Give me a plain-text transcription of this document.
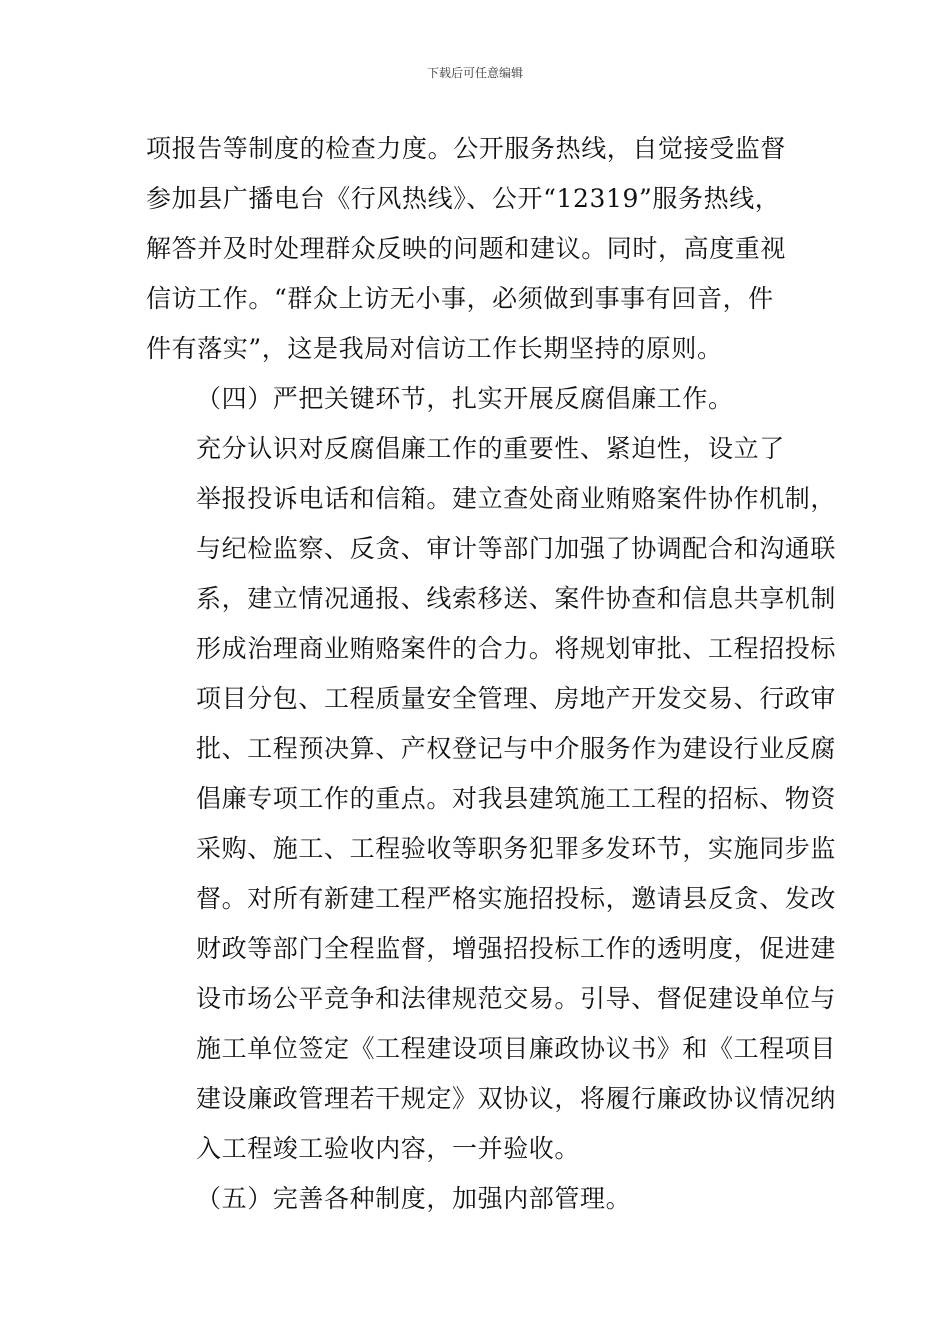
下载后可任意编辑

项报告等制度的检查力度。公开服务热线，自觉接受监督
参加县广播电台《行风热线》、公开“12319”服务热线，
解答并及时处理群众反映的问题和建议。同时，高度重视
信访工作。“群众上访无小事，必须做到事事有回音，件
件有落实”，这是我局对信访工作长期坚持的原则。

（四）严把关键环节，扎实开展反腐倡廉工作。

充分认识对反腐倡廉工作的重要性、紧迫性，设立了
举报投诉电话和信箱。建立查处商业贿赂案件协作机制，
与纪检监察、反贪、审计等部门加强了协调配合和沟通联
系，建立情况通报、线索移送、案件协查和信息共享机制
形成治理商业贿赂案件的合力。将规划审批、工程招投标
项目分包、工程质量安全管理、房地产开发交易、行政审
批、工程预决算、产权登记与中介服务作为建设行业反腐
倡廉专项工作的重点。对我县建筑施工工程的招标、物资
采购、施工、工程验收等职务犯罪多发环节，实施同步监
督。对所有新建工程严格实施招投标，邀请县反贪、发改
财政等部门全程监督，增强招投标工作的透明度，促进建
设市场公平竞争和法律规范交易。引导、督促建设单位与
施工单位签定《工程建设项目廉政协议书》和《工程项目
建设廉政管理若干规定》双协议，将履行廉政协议情况纳
入工程竣工验收内容，一并验收。

（五）完善各种制度，加强内部管理。
